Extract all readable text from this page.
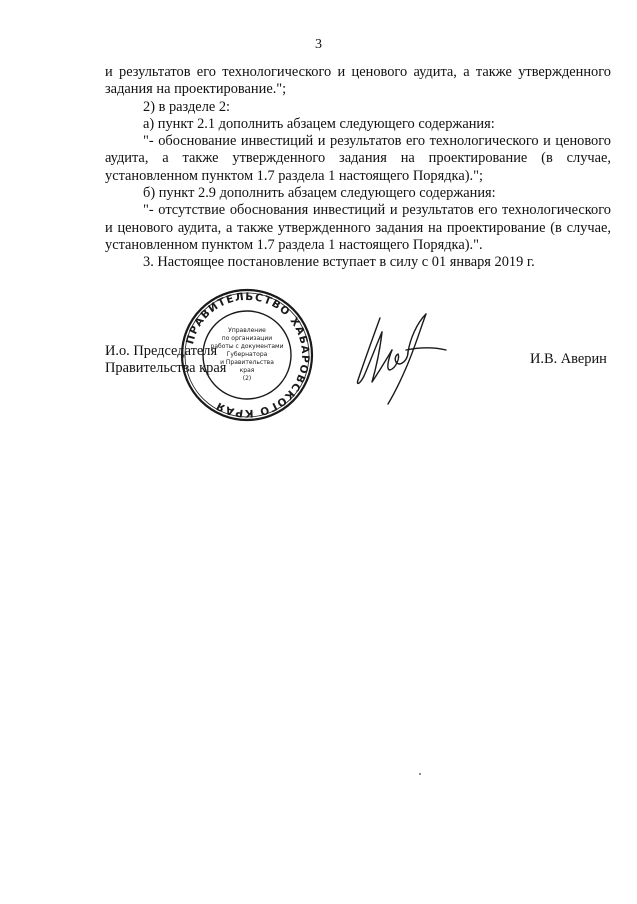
3

и результатов его технологического и ценового аудита, а также утвержденного задания на проектирование.";

2) в разделе 2:

а) пункт 2.1 дополнить абзацем следующего содержания:

"- обоснование инвестиций и результатов его технологического и ценового аудита, а также утвержденного задания на проектирование (в случае, установленном пунктом 1.7 раздела 1 настоящего Порядка).";

б) пункт 2.9 дополнить абзацем следующего содержания:

"- отсутствие обоснования инвестиций и результатов его технологического и ценового аудита, а также утвержденного задания на проектирование (в случае, установленном пунктом 1.7 раздела 1 настоящего Порядка).".

3. Настоящее постановление вступает в силу с 01 января 2019 г.

И.о. Председателя
Правительства края
ПРАВИТЕЛЬСТВО ХАБАРОВСКОГО КРАЯ
Управление
по организации
работы с документами
Губернатора
и Правительства
края
(2)
И.В. Аверин
